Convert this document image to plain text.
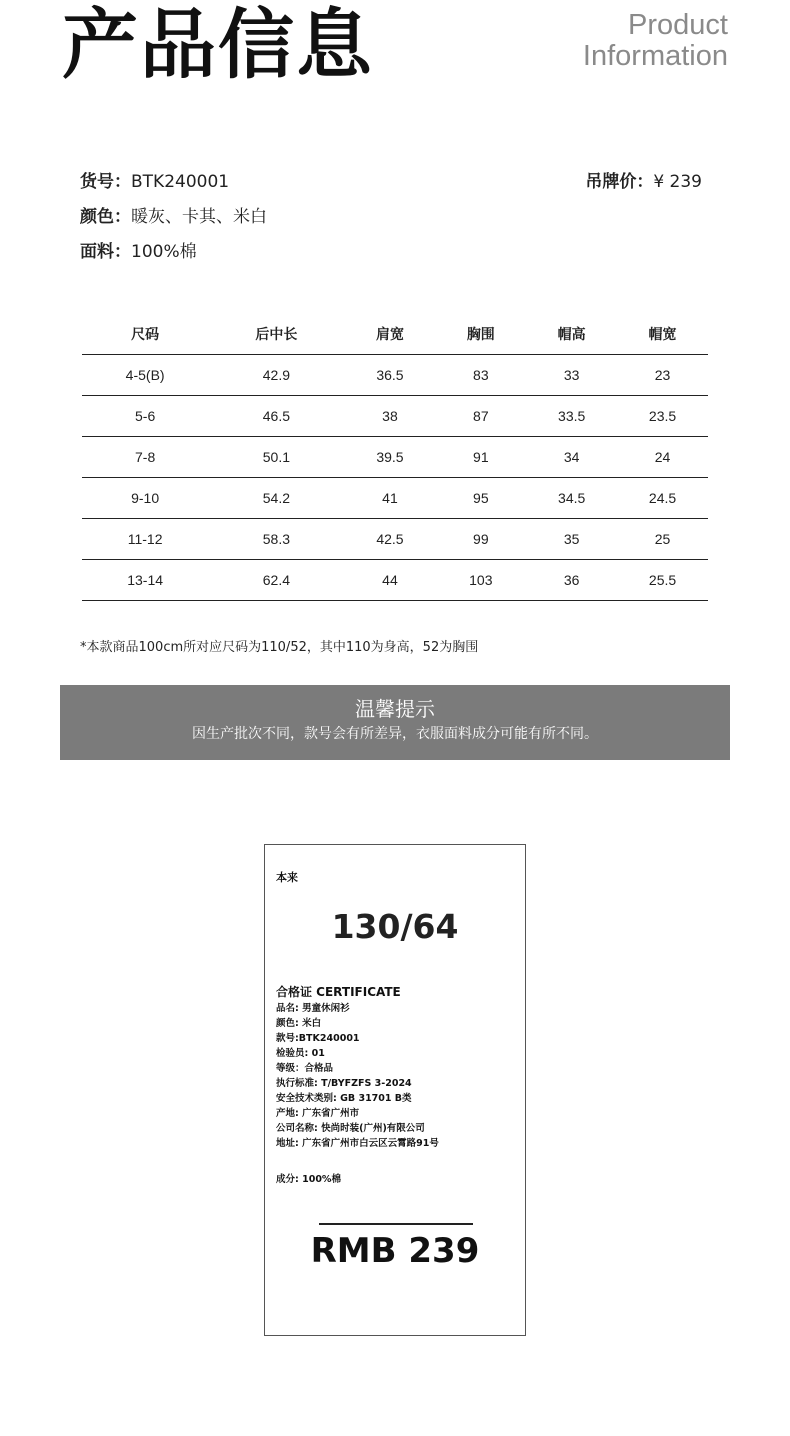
产品信息	Product
Information
货号：BTK240001
颜色：暖灰、卡其、米白
面料：100%棉
吊牌价：¥ 239
尺码	后中长	肩宽	胸围	帽高	帽宽
4-5(B)	42.9	36.5	83	33	23
5-6	46.5	38	87	33.5	23.5
7-8	50.1	39.5	91	34	24
9-10	54.2	41	95	34.5	24.5
11-12	58.3	42.5	99	35	25
13-14	62.4	44	103	36	25.5
*本款商品100cm所对应尺码为110/52，其中110为身高，52为胸围
温馨提示
因生产批次不同，款号会有所差异，衣服面料成分可能有所不同。
本来
130/64
合格证 CERTIFICATE
品名: 男童休闲衫
颜色: 米白
款号:BTK240001
检验员: 01
等级：合格品
执行标准: T/BYFZFS 3-2024
安全技术类别: GB 31701 B类
产地: 广东省广州市
公司名称: 快尚时装(广州)有限公司
地址: 广东省广州市白云区云霄路91号
成分: 100%棉
RMB 239
